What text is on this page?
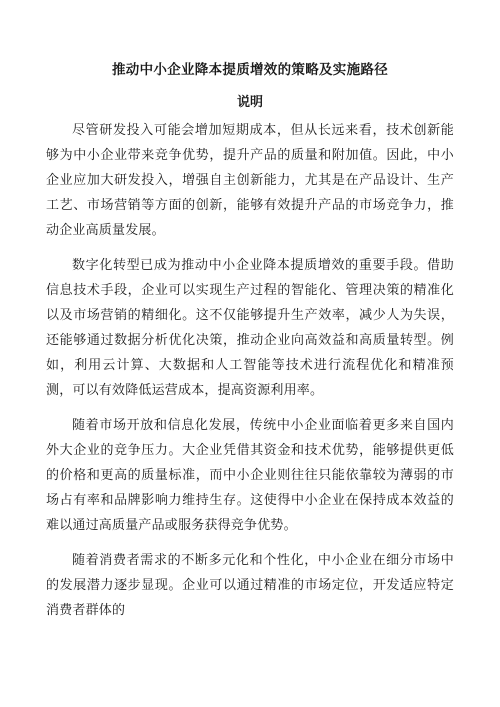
推动中小企业降本提质增效的策略及实施路径
说明

尽管研发投入可能会增加短期成本，但从长远来看，技术创新能够为中小企业带来竞争优势，提升产品的质量和附加值。因此，中小企业应加大研发投入，增强自主创新能力，尤其是在产品设计、生产工艺、市场营销等方面的创新，能够有效提升产品的市场竞争力，推动企业高质量发展。

数字化转型已成为推动中小企业降本提质增效的重要手段。借助信息技术手段，企业可以实现生产过程的智能化、管理决策的精准化以及市场营销的精细化。这不仅能够提升生产效率，减少人为失误，还能够通过数据分析优化决策，推动企业向高效益和高质量转型。例如，利用云计算、大数据和人工智能等技术进行流程优化和精准预测，可以有效降低运营成本，提高资源利用率。

随着市场开放和信息化发展，传统中小企业面临着更多来自国内外大企业的竞争压力。大企业凭借其资金和技术优势，能够提供更低的价格和更高的质量标准，而中小企业则往往只能依靠较为薄弱的市场占有率和品牌影响力维持生存。这使得中小企业在保持成本效益的难以通过高质量产品或服务获得竞争优势。

随着消费者需求的不断多元化和个性化，中小企业在细分市场中的发展潜力逐步显现。企业可以通过精准的市场定位，开发适应特定消费者群体的
